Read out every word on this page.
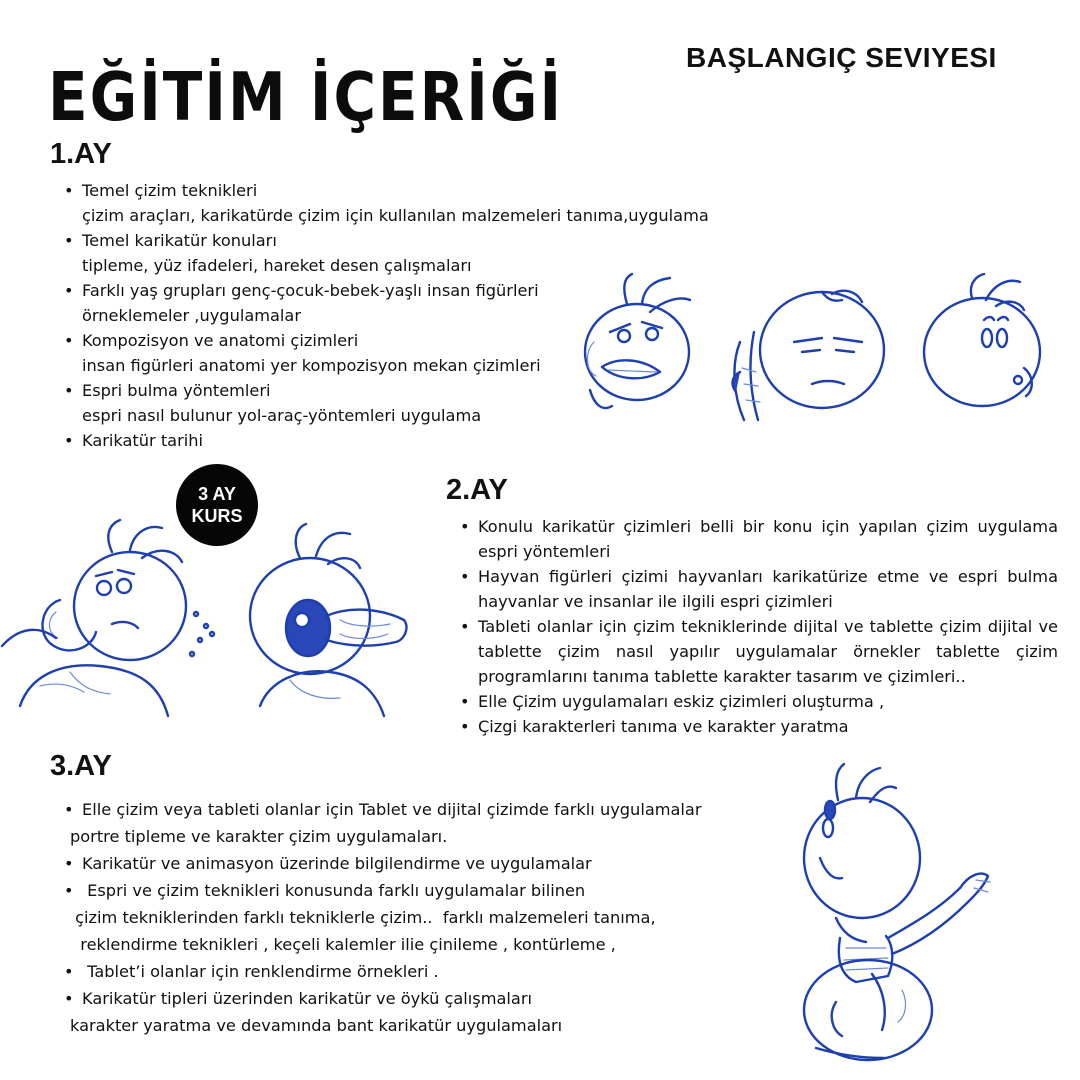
EĞİTİM İÇERİĞİ
BAŞLANGIÇ SEVIYESI
1.AY
• Temel çizim teknikleri
çizim araçları, karikatürde çizim için kullanılan malzemeleri tanıma,uygulama
• Temel karikatür konuları
tipleme, yüz ifadeleri, hareket desen çalışmaları
• Farklı yaş grupları genç-çocuk-bebek-yaşlı insan figürleri
örneklemeler ,uygulamalar
• Kompozisyon ve anatomi çizimleri
insan figürleri anatomi yer kompozisyon mekan çizimleri
• Espri bulma yöntemleri
espri nasıl bulunur yol-araç-yöntemleri uygulama
• Karikatür tarihi
3 AY
KURS
2.AY
• Konulu karikatür çizimleri belli bir konu için yapılan çizim uygulama espri yöntemleri
• Hayvan figürleri çizimi hayvanları karikatürize etme ve espri bulma hayvanlar ve insanlar ile ilgili espri çizimleri
• Tableti olanlar için çizim tekniklerinde dijital ve tablette çizim dijital ve tablette çizim nasıl yapılır uygulamalar örnekler tablette çizim programlarını tanıma tablette karakter tasarım ve çizimleri..
• Elle Çizim uygulamaları eskiz çizimleri oluşturma ,
• Çizgi karakterleri tanıma ve karakter yaratma
3.AY
• Elle çizim veya tableti olanlar için Tablet ve dijital çizimde farklı uygulamalar
portre tipleme ve karakter çizim uygulamaları.
• Karikatür ve animasyon üzerinde bilgilendirme ve uygulamalar
•  Espri ve çizim teknikleri konusunda farklı uygulamalar bilinen
çizim tekniklerinden farklı tekniklerle çizim..  farklı malzemeleri tanıma,
reklendirme teknikleri , keçeli kalemler ilie çinileme , kontürleme ,
•  Tablet’i olanlar için renklendirme örnekleri .
• Karikatür tipleri üzerinden karikatür ve öykü çalışmaları
karakter yaratma ve devamında bant karikatür uygulamaları
